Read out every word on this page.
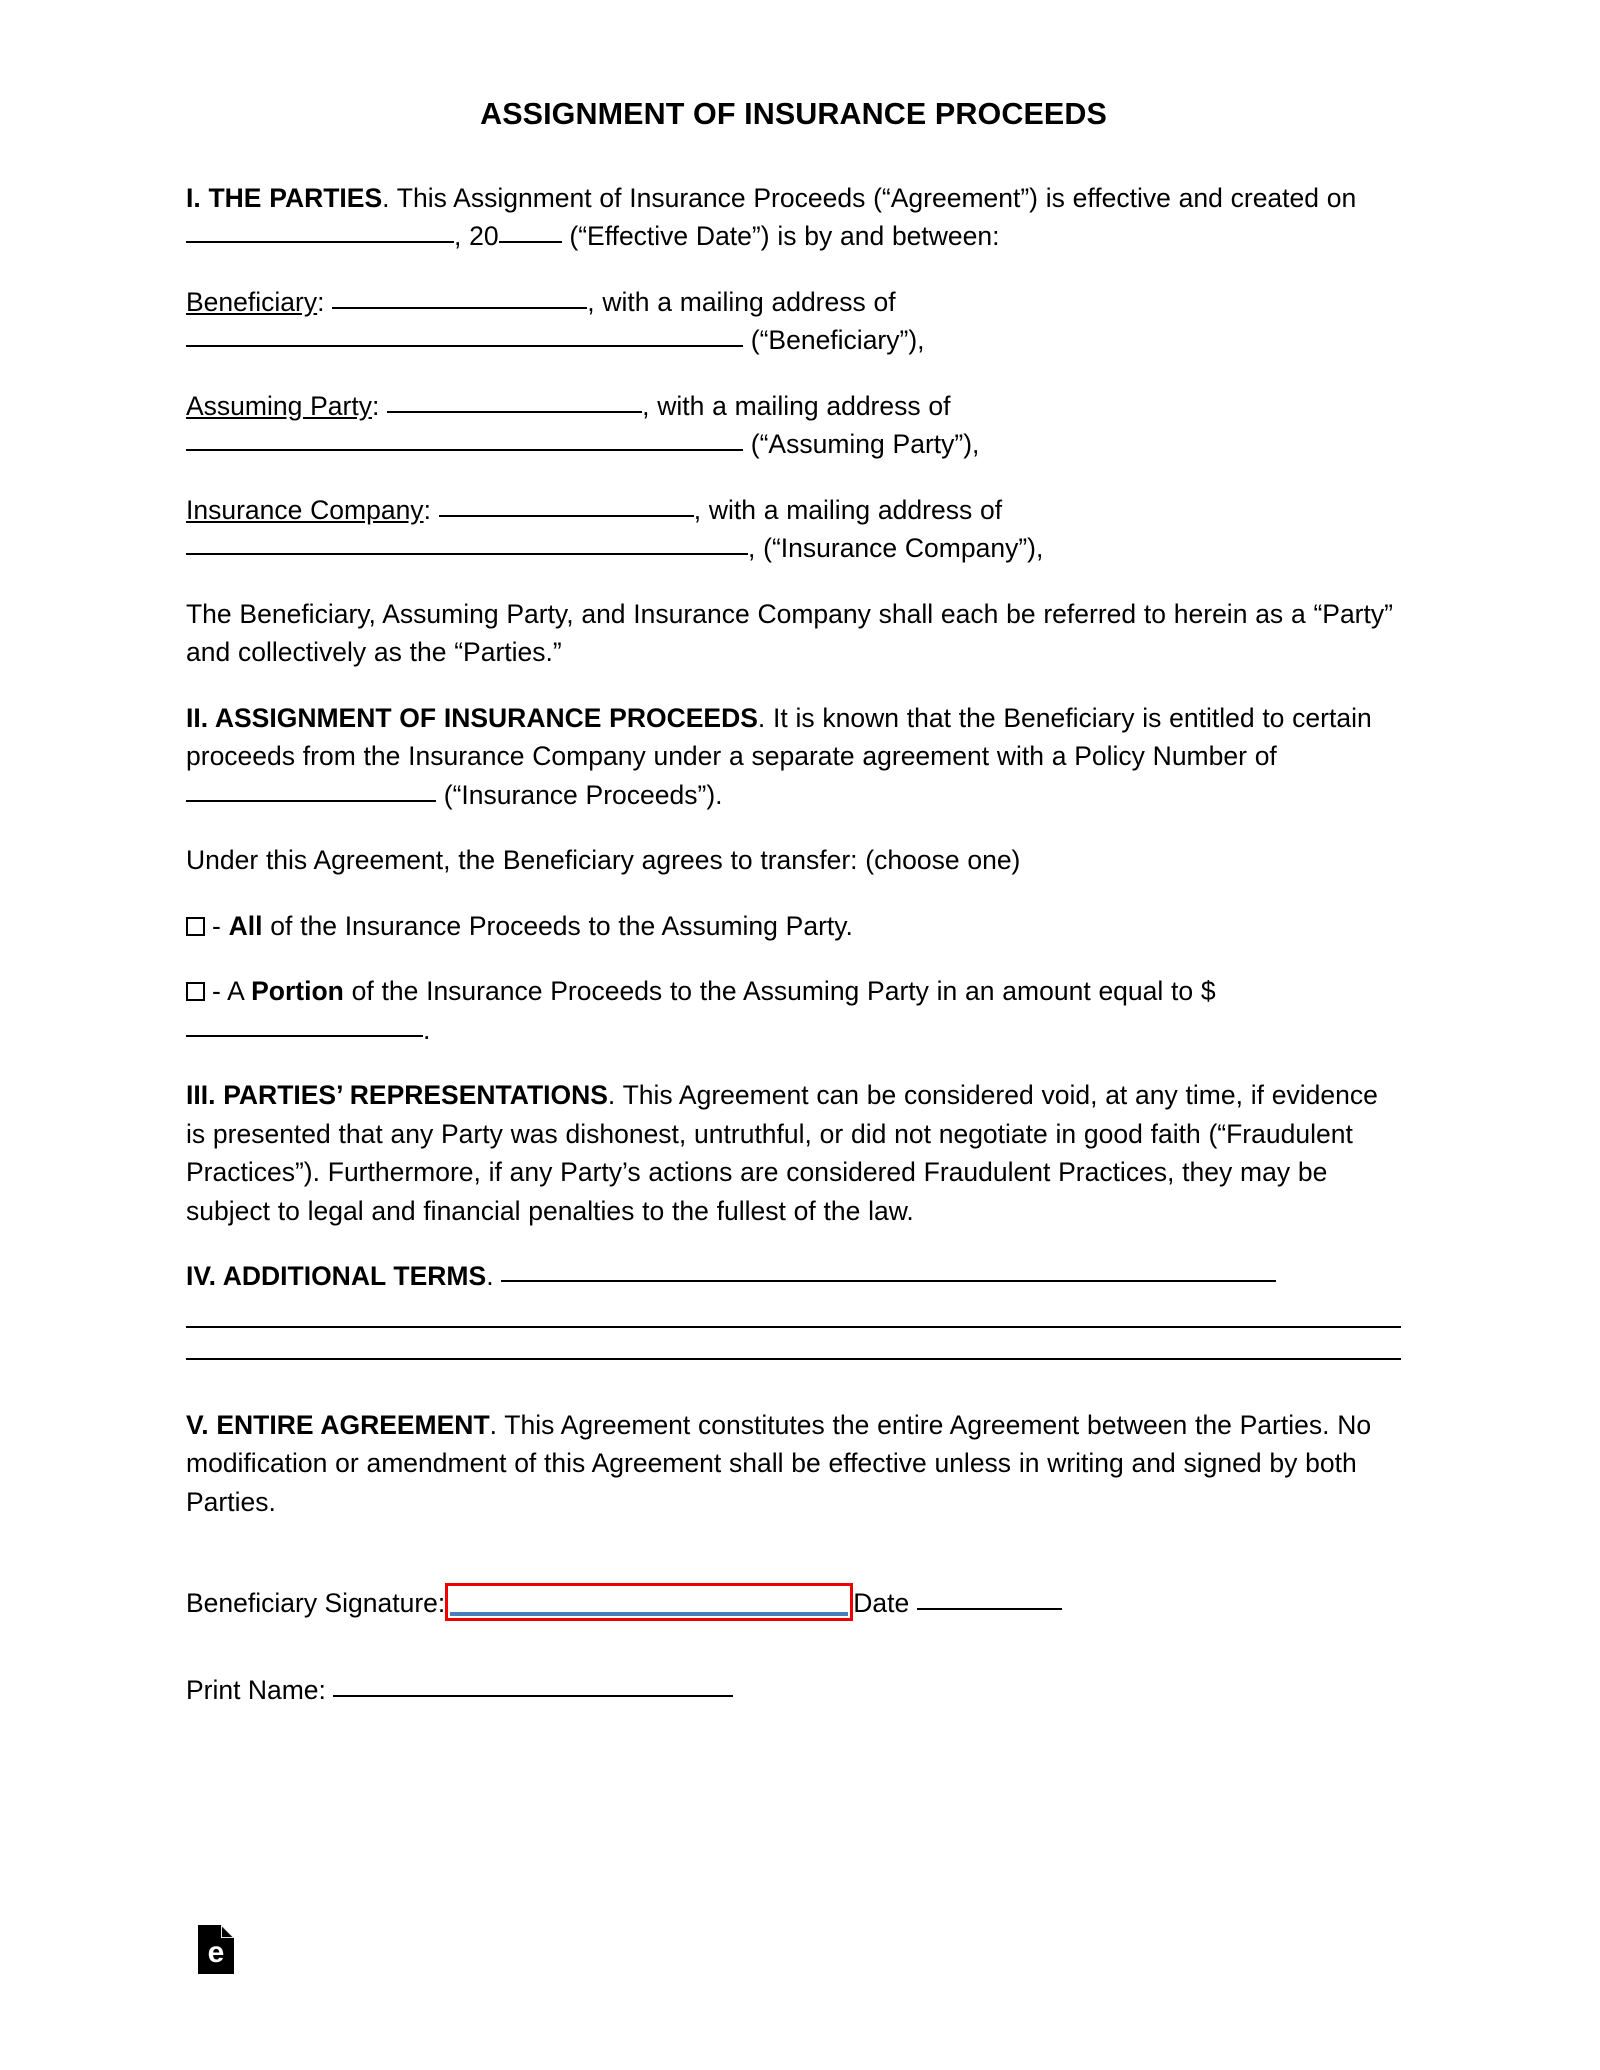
ASSIGNMENT OF INSURANCE PROCEEDS

I. THE PARTIES. This Assignment of Insurance Proceeds (“Agreement”) is effective and created on , 20 (“Effective Date”) is by and between:

Beneficiary:	, with a mailing address of  (“Beneficiary”),

Assuming Party:	, with a mailing address of  (“Assuming Party”),

Insurance Company:	, with a mailing address of , (“Insurance Company”),

The Beneficiary, Assuming Party, and Insurance Company shall each be referred to herein as a “Party” and collectively as the “Parties.”

II. ASSIGNMENT OF INSURANCE PROCEEDS. It is known that the Beneficiary is entitled to certain proceeds from the Insurance Company under a separate agreement with a Policy Number of  (“Insurance Proceeds”).

Under this Agreement, the Beneficiary agrees to transfer: (choose one)

- All of the Insurance Proceeds to the Assuming Party.

- A Portion of the Insurance Proceeds to the Assuming Party in an amount equal to $.

III. PARTIES’ REPRESENTATIONS. This Agreement can be considered void, at any time, if evidence is presented that any Party was dishonest, untruthful, or did not negotiate in good faith (“Fraudulent Practices”). Furthermore, if any Party’s actions are considered Fraudulent Practices, they may be subject to legal and financial penalties to the fullest of the law.

IV. ADDITIONAL TERMS.

V. ENTIRE AGREEMENT. This Agreement constitutes the entire Agreement between the Parties. No modification or amendment of this Agreement shall be effective unless in writing and signed by both Parties.

Beneficiary Signature:	Date
Print Name:
e
